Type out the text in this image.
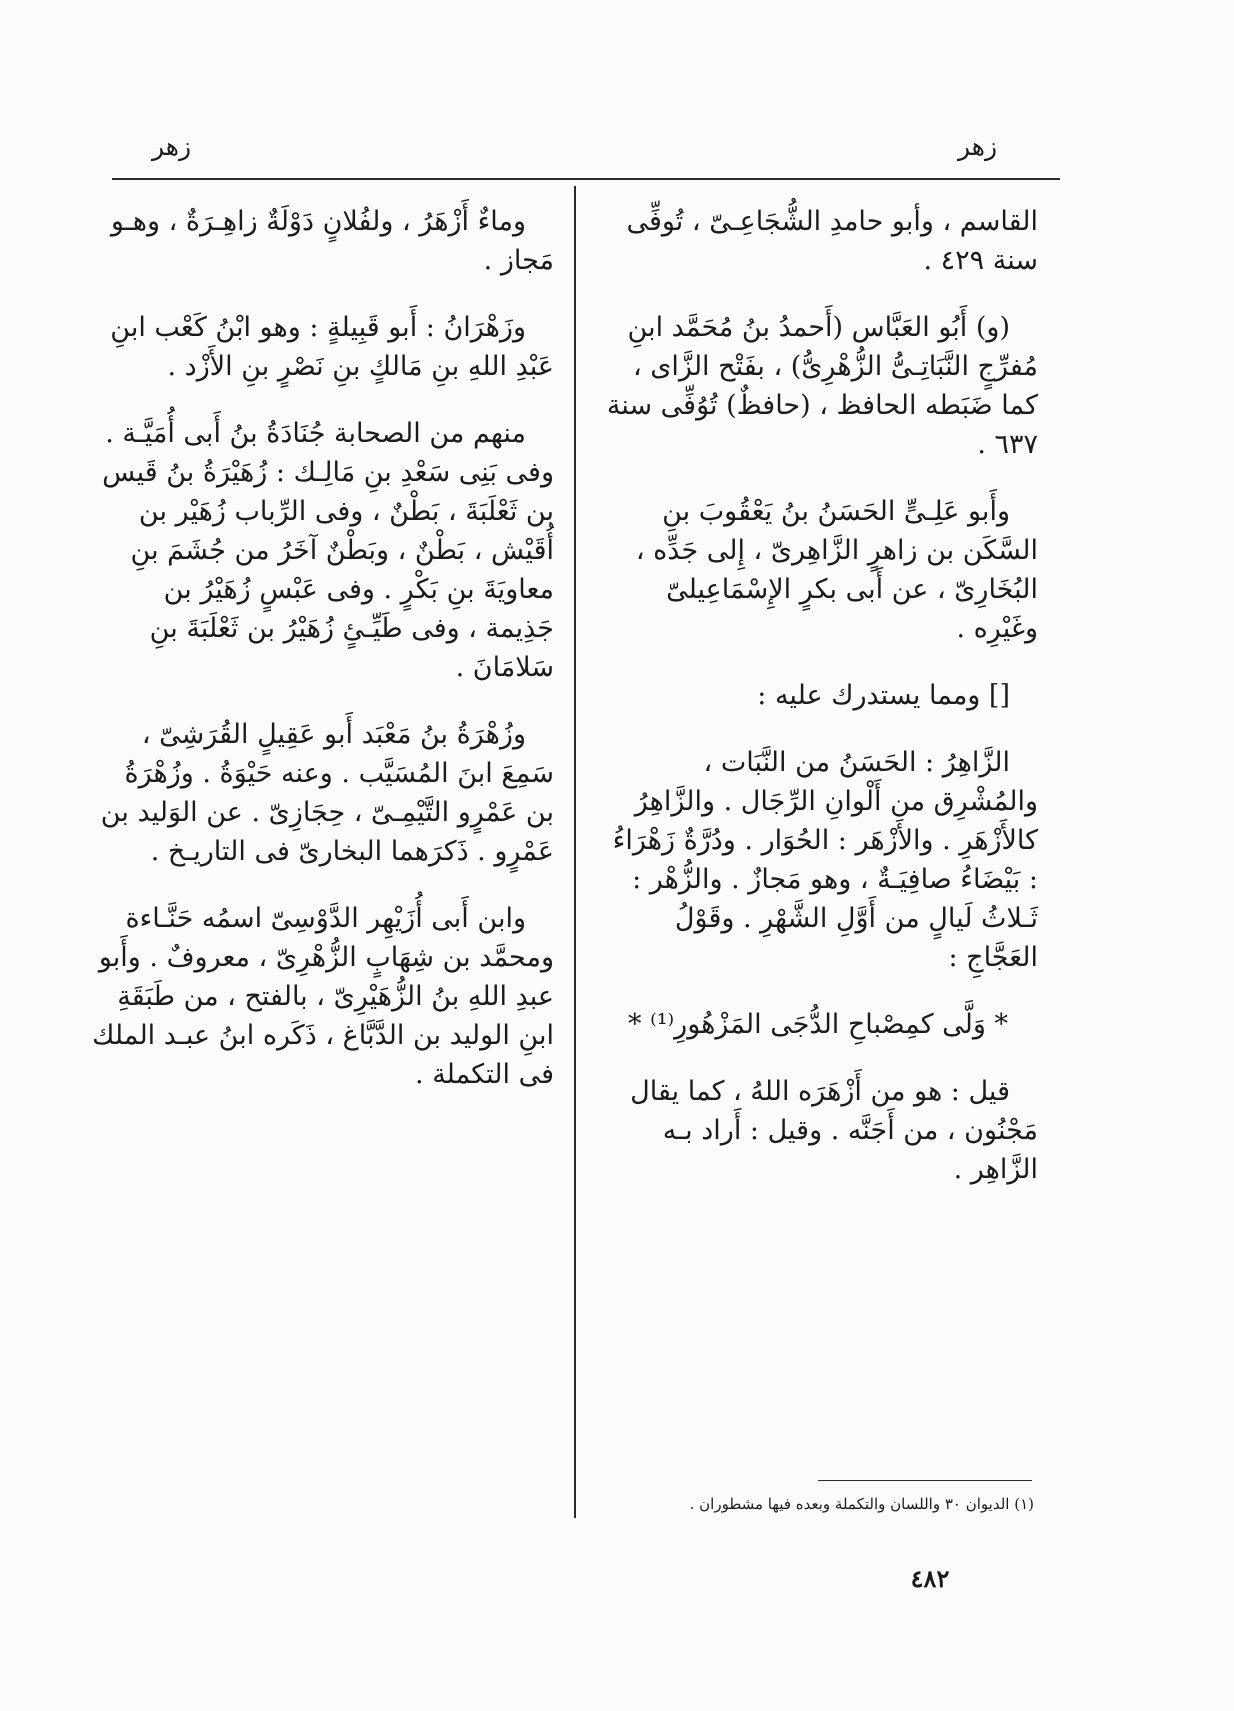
زهر
زهر

القاسم ، وأبو حامدِ الشُّجَاعِـىّ ، تُوفِّى سنة ٤٢٩ .

(و) أَبُو العَبَّاس (أَحمدُ بنُ مُحَمَّد ابنِ مُفرِّجٍ النَّبَاتِـىُّ الزُّهْرِىُّ) ، بفَتْح الزَّاى ، كما ضَبَطه الحافظ ، (حافظٌ) تُوُفِّى سنة ٦٣٧ .

وأَبو عَلِـىٍّ الحَسَنُ بنُ يَعْقُوبَ بنِ السَّكَن بن زاهرٍ الزَّاهِرىّ ، إِلى جَدِّه ، البُخَارِىّ ، عن أَبى بكرٍ الإِسْمَاعِيلىّ وغَيْرِه .

[] ومما يستدرك عليه :

الزَّاهِرُ : الحَسَنُ من النَّبَات ، والمُشْرِق من أَلْوانِ الرِّجَال . والزَّاهِرُ كالأَزْهَرِ . والأَزْهَر : الحُوَار . ودُرَّةٌ زَهْرَاءُ : بَيْضَاءُ صافِيَـةٌ ، وهو مَجازٌ . والزُّهْر : ثَـلاثُ لَيالٍ من أَوَّلِ الشَّهْرِ . وقَوْلُ العَجَّاجِ :

* وَلَّى كمِصْباحِ الدُّجَى المَزْهُورِ⁽¹⁾ *

قيل : هو من أَزْهَرَه اللهُ ، كما يقال مَجْنُون ، من أَجَنَّه . وقيل : أَراد بـه الزَّاهِر .

وماءٌ أَزْهَرُ ، ولفُلانٍ دَوْلَةٌ زاهِـرَةٌ ، وهـو مَجاز .

وزَهْرَانُ : أَبو قَبِيلةٍ : وهو ابْنُ كَعْب ابنِ عَبْدِ اللهِ بنِ مَالكٍ بنِ نَصْرٍ بنِ الأَزْد .

منهم من الصحابة جُنَادَةُ بنُ أَبى أُمَيَّـة . وفى بَنِى سَعْدِ بنِ مَالِـك : زُهَيْرَةُ بنُ قَيس بن ثَعْلَبَةَ ، بَطْنٌ ، وفى الرِّباب زُهَيْر بن أُقَيْش ، بَطْنٌ ، وبَطْنٌ آخَرُ من جُشَمَ بنِ معاويَةَ بنِ بَكْرٍ . وفى عَبْسٍ زُهَيْرُ بن جَذِيمة ، وفى طَيِّـئٍ زُهَيْرُ بن ثَعْلَبَةَ بنِ سَلامَانَ .

وزُهْرَةُ بنُ مَعْبَد أَبو عَقِيلٍ القُرَشِىّ ، سَمِعَ ابنَ المُسَيَّب . وعنه حَيْوَةُ . وزُهْرَةُ بن عَمْرٍو التَّيْمِـىّ ، حِجَازِىّ . عن الوَليد بن عَمْرٍو . ذَكرَهما البخارىّ فى التاريـخ .

وابن أَبى أُزَيْهِر الدَّوْسِىّ اسمُه حَنَّـاءة ومحمَّد بن شِهَابٍ الزُّهْرِىّ ، معروفٌ . وأَبو عبدِ اللهِ بنُ الزُّهَيْرِىّ ، بالفتح ، من طَبَقَةِ ابنِ الوليد بن الدَّبَّاغ ، ذَكَره ابنُ عبـد الملك فى التكملة .

(١) الديوان ٣٠ واللسان والتكملة وبعده فيها مشطوران .
٤٨٢
